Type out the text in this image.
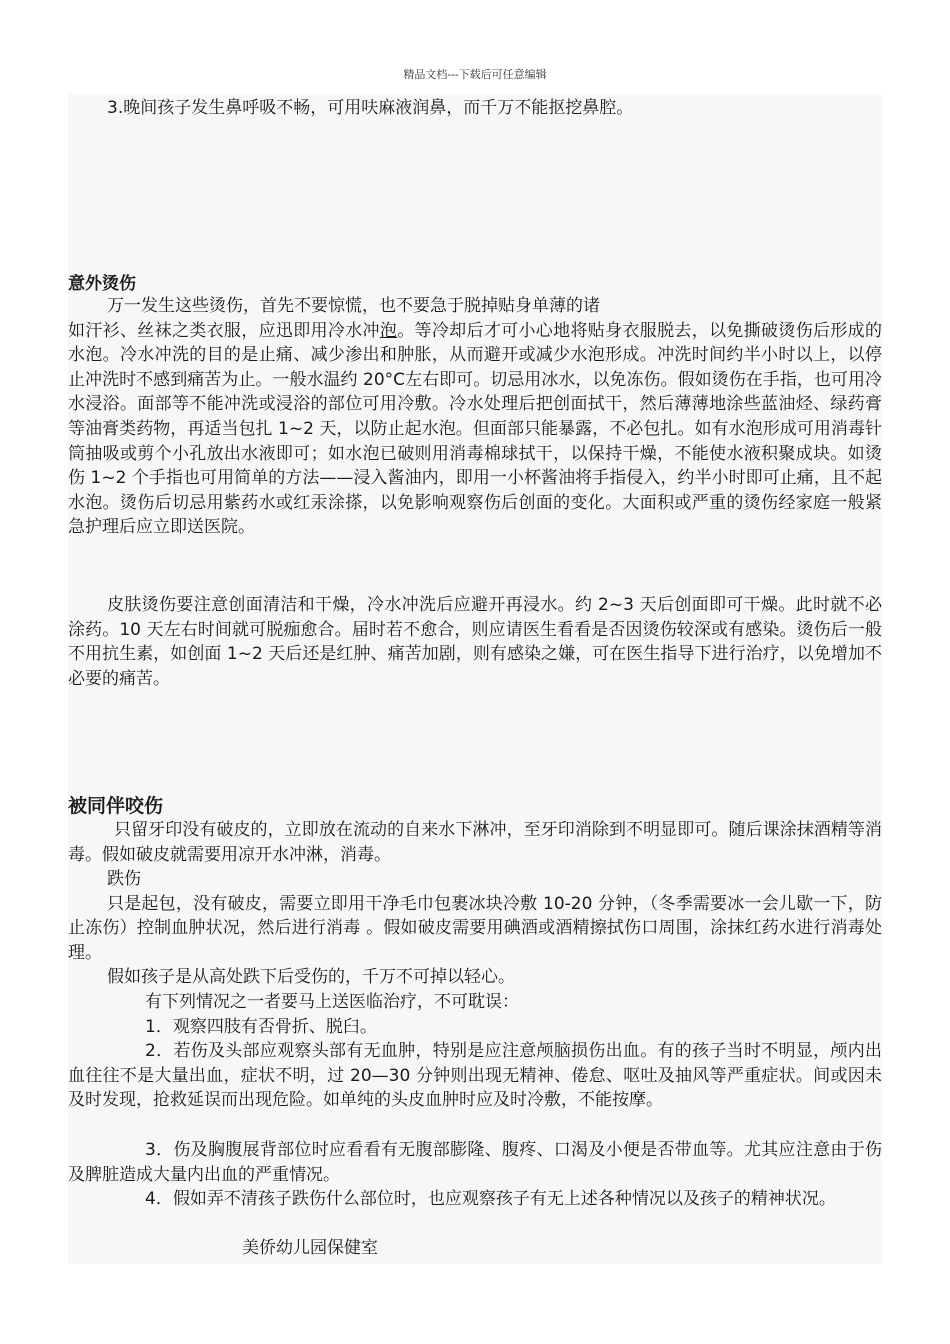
精品文档---下载后可任意编辑

3.晚间孩子发生鼻呼吸不畅，可用呋麻液润鼻，而千万不能抠挖鼻腔。

意外烫伤

万一发生这些烫伤，首先不要惊慌，也不要急于脱掉贴身单薄的诸

如汗衫、丝袜之类衣服，应迅即用冷水冲泡。等冷却后才可小心地将贴身衣服脱去，以免撕破烫伤后形成的水泡。冷水冲洗的目的是止痛、减少渗出和肿胀，从而避开或减少水泡形成。冲洗时间约半小时以上，以停止冲洗时不感到痛苦为止。一般水温约 20°C左右即可。切忌用冰水，以免冻伤。假如烫伤在手指，也可用冷水浸浴。面部等不能冲洗或浸浴的部位可用冷敷。冷水处理后把创面拭干，然后薄薄地涂些蓝油烃、绿药膏等油膏类药物，再适当包扎 1~2 天，以防止起水泡。但面部只能暴露，不必包扎。如有水泡形成可用消毒针筒抽吸或剪个小孔放出水液即可；如水泡已破则用消毒棉球拭干，以保持干燥，不能使水液积聚成块。如烫伤 1~2 个手指也可用简单的方法——浸入酱油内，即用一小杯酱油将手指侵入，约半小时即可止痛，且不起水泡。烫伤后切忌用紫药水或红汞涂搽，以免影响观察伤后创面的变化。大面积或严重的烫伤经家庭一般紧急护理后应立即送医院。

皮肤烫伤要注意创面清洁和干燥，冷水冲洗后应避开再浸水。约 2~3 天后创面即可干燥。此时就不必涂药。10 天左右时间就可脱痂愈合。届时若不愈合，则应请医生看看是否因烫伤较深或有感染。烫伤后一般不用抗生素，如创面 1~2 天后还是红肿、痛苦加剧，则有感染之嫌，可在医生指导下进行治疗，以免增加不必要的痛苦。

被同伴咬伤

只留牙印没有破皮的，立即放在流动的自来水下淋冲，至牙印消除到不明显即可。随后课涂抹酒精等消毒。假如破皮就需要用凉开水冲淋，消毒。

跌伤

只是起包，没有破皮，需要立即用干净毛巾包裹冰块冷敷 10-20 分钟，（冬季需要冰一会儿歇一下，防止冻伤）控制血肿状况，然后进行消毒 。假如破皮需要用碘酒或酒精擦拭伤口周围，涂抹红药水进行消毒处理。

假如孩子是从高处跌下后受伤的，千万不可掉以轻心。

有下列情况之一者要马上送医临治疗，不可耽误：

1．观察四肢有否骨折、脱臼。

2．若伤及头部应观察头部有无血肿，特别是应注意颅脑损伤出血。有的孩子当时不明显，颅内出血往往不是大量出血，症状不明，过 20—30 分钟则出现无精神、倦怠、呕吐及抽风等严重症状。间或因未及时发现，抢救延误而出现危险。如单纯的头皮血肿时应及时冷敷，不能按摩。

3．伤及胸腹展背部位时应看看有无腹部膨隆、腹疼、口渴及小便是否带血等。尤其应注意由于伤及脾脏造成大量内出血的严重情况。

4．假如弄不清孩子跌伤什么部位时，也应观察孩子有无上述各种情况以及孩子的精神状况。

美侨幼儿园保健室
